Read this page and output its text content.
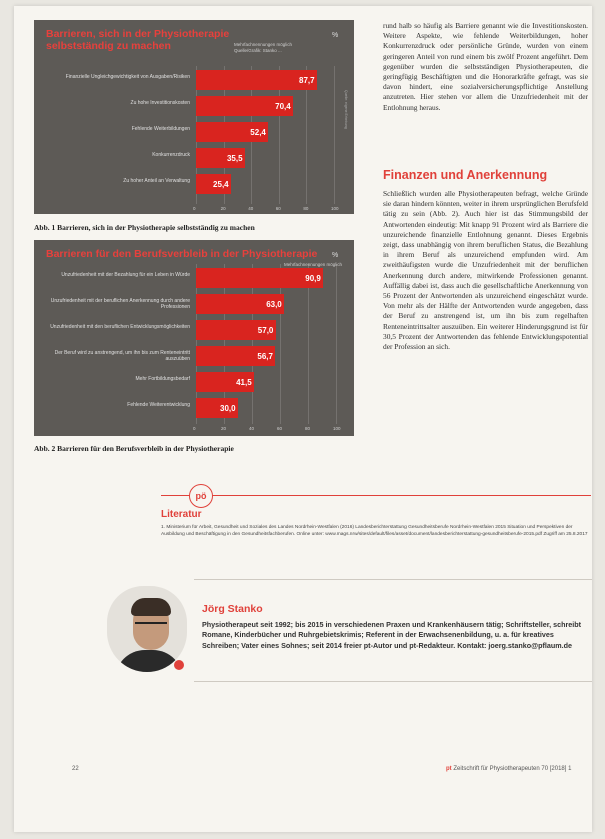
Barrieren, sich in der Physiotherapie
selbstständig zu machen
%
Mehrfachnennungen möglich
Quelle/Grafik: Stanko ...
Quelle: eigene Erhebung
0	20	40	60	80	100
Finanzielle Ungleichgewichtigkeit von Ausgaben/Risiken	87,7
Zu hohe Investitionskosten	70,4
Fehlende Weiterbildungen	52,4
Konkurrenzdruck	35,5
Zu hoher Anteil an Verwaltung	25,4
Abb. 1 Barrieren, sich in der Physiotherapie selbstständig zu machen
Barrieren für den Berufsverbleib in der Physiotherapie %
Mehrfachnennungen möglich
0	20	40	60	80	100
Unzufriedenheit mit der Bezahlung für ein Leben in Würde	90,9
Unzufriedenheit mit der beruflichen Anerkennung durch andere Professionen	63,0
Unzufriedenheit mit den beruflichen Entwicklungsmöglichkeiten	57,0
Der Beruf wird zu anstrengend, um ihn bis zum Renteneintritt auszuüben	56,7
Mehr Fortbildungsbedarf	41,5
Fehlende Weiterentwicklung	30,0
Abb. 2 Barrieren für den Berufsverbleib in der Physiotherapie
rund halb so häufig als Barriere genannt wie die Investitionskosten. Weitere Aspekte, wie fehlende Weiterbildungen, hoher Konkurrenzdruck oder persönliche Gründe, wurden von einem geringeren Anteil von rund einem bis zwölf Prozent angeführt. Dem gegenüber wurden die selbstständigen Physiotherapeuten, die geringfügig Beschäftigten und die Honorarkräfte gefragt, was sie davon hindert, eine sozialversicherungspflichtige Anstellung anzutreten. Hier stehen vor allem die Unzufriedenheit mit der Entlohnung heraus.
Finanzen und Anerkennung
Schließlich wurden alle Physiotherapeuten befragt, welche Gründe sie daran hindern könnten, weiter in ihrem ursprünglichen Berufsfeld tätig zu sein (Abb. 2). Auch hier ist das Stimmungsbild der Antwortenden eindeutig: Mit knapp 91 Prozent wird als Barriere die unzureichende finanzielle Entlohnung genannt. Dieses Ergebnis zeigt, dass unabhängig von ihrem beruflichen Status, die Bezahlung in ihrem Beruf als unzureichend empfunden wird. Am zweithäufigsten wurde die Unzufriedenheit mit der beruflichen Anerkennung durch andere, mitwirkende Professionen genannt. Auffällig dabei ist, dass auch die gesellschaftliche Anerkennung von 56 Prozent der Antwortenden als unzureichend eingeschätzt wurde. Von mehr als der Hälfte der Antwortenden wurde angegeben, dass der Beruf zu anstrengend ist, um ihn bis zum regelhaften Renteneintrittsalter auszuüben. Ein weiterer Hinderungsgrund ist für 30,5 Prozent der Antwortenden das fehlende Entwicklungspotential der Profession an sich.
pö
Literatur
1. Ministerium für Arbeit, Gesundheit und Soziales des Landes Nordrhein-Westfalen (2016) Landesberichterstattung Gesundheitsberufe Nordrhein-Westfalen 2015 Situation und Perspektiven der Ausbildung und Beschäftigung in den Gesundheitsfachberufen. Online unter: www.mags.nrw/sites/default/files/asset/document/landesberichterstattung-gesundheitsberufe-2015.pdf Zugriff am 25.8.2017
Jörg Stanko
Physiotherapeut seit 1992; bis 2015 in verschiedenen Praxen und Krankenhäusern tätig; Schriftsteller, schreibt Romane, Kinderbücher und Ruhrgebietskrimis; Referent in der Erwachsenenbildung, u. a. für kreatives Schreiben; Vater eines Sohnes; seit 2014 freier pt-Autor und pt-Redakteur. Kontakt: joerg.stanko@pflaum.de
22	pt Zeitschrift für Physiotherapeuten 70 [2018] 1
